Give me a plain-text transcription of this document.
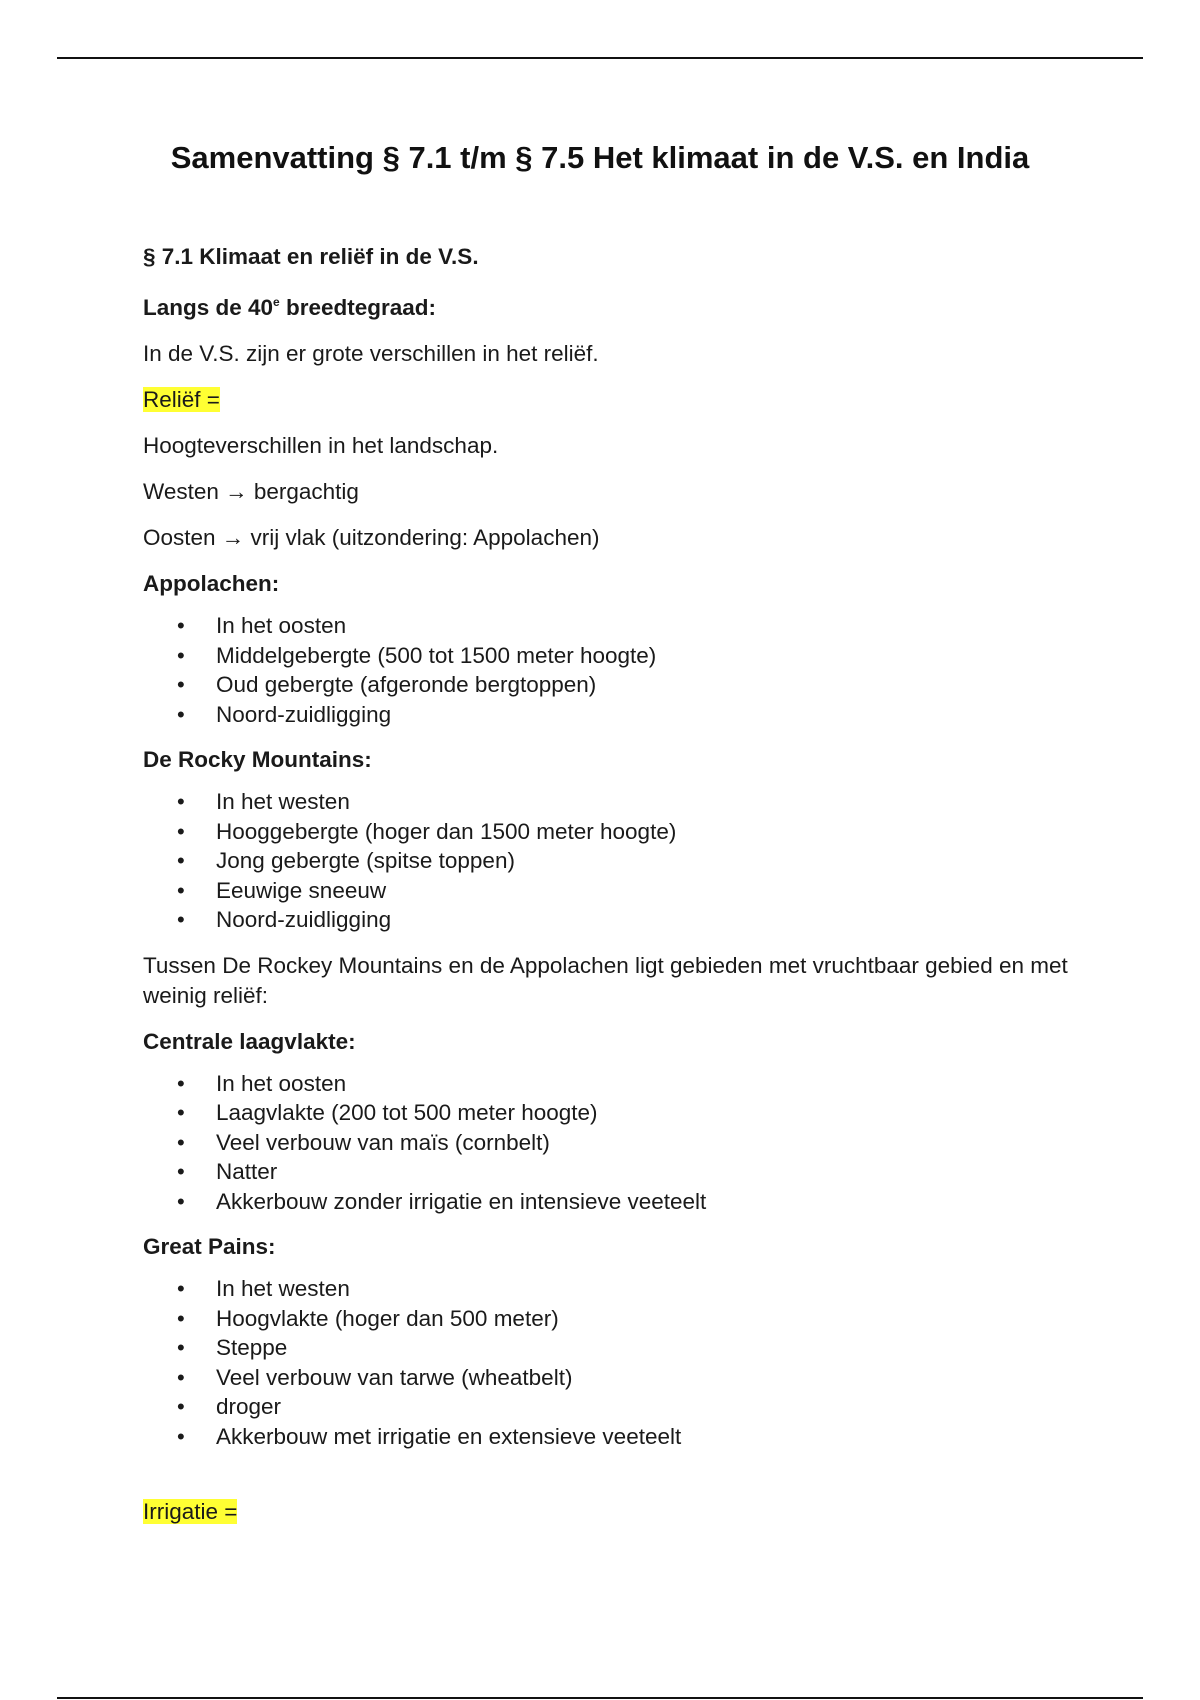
Samenvatting § 7.1 t/m § 7.5 Het klimaat in de V.S. en India

§ 7.1 Klimaat en reliëf in de V.S.

Langs de 40e breedtegraad:

In de V.S. zijn er grote verschillen in het reliëf.

Reliëf =

Hoogteverschillen in het landschap.

Westen → bergachtig

Oosten → vrij vlak (uitzondering: Appolachen)

Appolachen:

• In het oosten
• Middelgebergte (500 tot 1500 meter hoogte)
• Oud gebergte (afgeronde bergtoppen)
• Noord-zuidligging

De Rocky Mountains:

• In het westen
• Hooggebergte (hoger dan 1500 meter hoogte)
• Jong gebergte (spitse toppen)
• Eeuwige sneeuw
• Noord-zuidligging

Tussen De Rockey Mountains en de Appolachen ligt gebieden met vruchtbaar gebied en met weinig reliëf:

Centrale laagvlakte:

• In het oosten
• Laagvlakte (200 tot 500 meter hoogte)
• Veel verbouw van maïs (cornbelt)
• Natter
• Akkerbouw zonder irrigatie en intensieve veeteelt

Great Pains:

• In het westen
• Hoogvlakte (hoger dan 500 meter)
• Steppe
• Veel verbouw van tarwe (wheatbelt)
• droger
• Akkerbouw met irrigatie en extensieve veeteelt

Irrigatie =
